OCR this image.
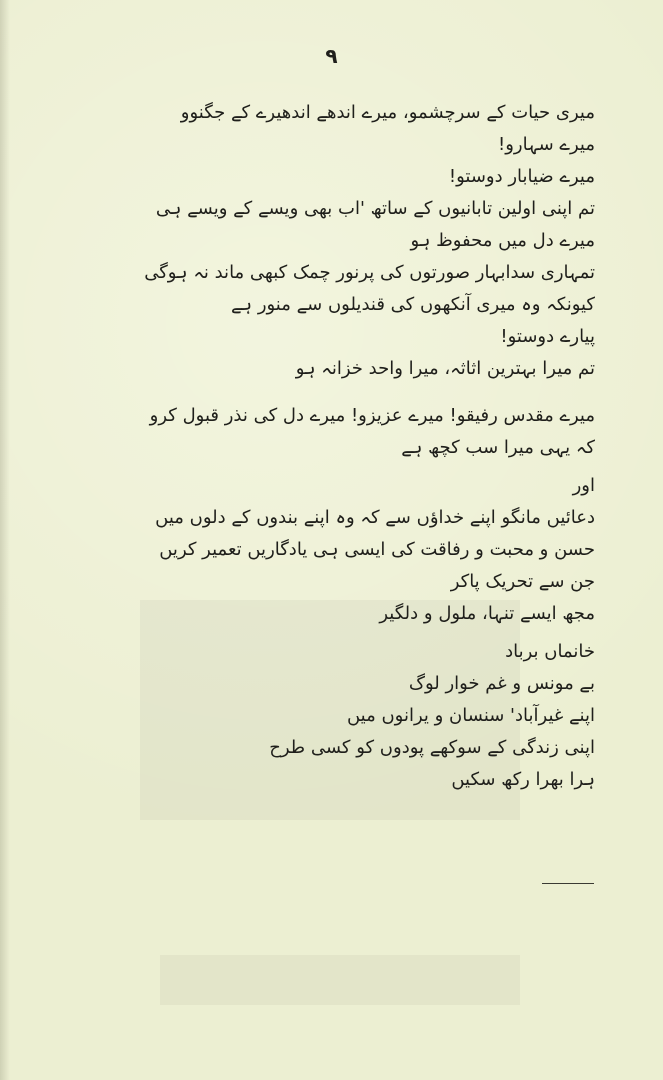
۹
میری حیات کے سرچشمو، میرے اندھے اندھیرے کے جگنوو
میرے سہارو!
میرے ضیابار دوستو!
تم اپنی اولین تابانیوں کے ساتھ 'اب بھی ویسے کے ویسے ہی
میرے دل میں محفوظ ہو
تمہاری سدابہار صورتوں کی پرنور چمک کبھی ماند نہ ہوگی
کیونکہ وہ میری آنکھوں کی قندیلوں سے منور ہے
پیارے دوستو!
تم میرا بہترین اثاثہ، میرا واحد خزانہ ہو
میرے مقدس رفیقو! میرے عزیزو! میرے دل کی نذر قبول کرو
کہ یہی میرا سب کچھ ہے
اور
دعائیں مانگو اپنے خداؤں سے کہ وہ اپنے بندوں کے دلوں میں
حسن و محبت و رفاقت کی ایسی ہی یادگاریں تعمیر کریں
جن سے تحریک پاکر
مجھ ایسے تنہا، ملول و دلگیر
خانماں برباد
بے مونس و غم خوار لوگ
اپنے غیرآباد' سنسان و یرانوں میں
اپنی زندگی کے سوکھے پودوں کو کسی طرح
ہرا بھرا رکھ سکیں
